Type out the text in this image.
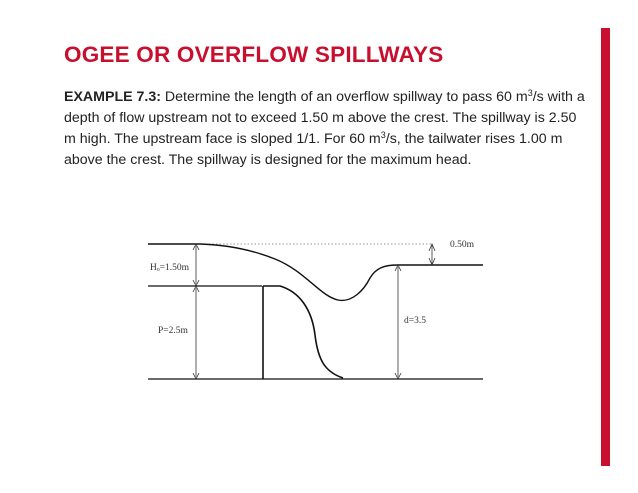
OGEE OR OVERFLOW SPILLWAYS

EXAMPLE 7.3: Determine the length of an overflow spillway to pass 60 $m^3/s$ with a depth of flow upstream not to exceed 1.50 m above the crest. The spillway is 2.50 m high. The upstream face is sloped 1/1. For 60 $m^3/s$, the tailwater rises 1.00 m above the crest. The spillway is designed for the maximum head.

Hₒ=1.50m
P=2.5m
0.50m
d=3.5
